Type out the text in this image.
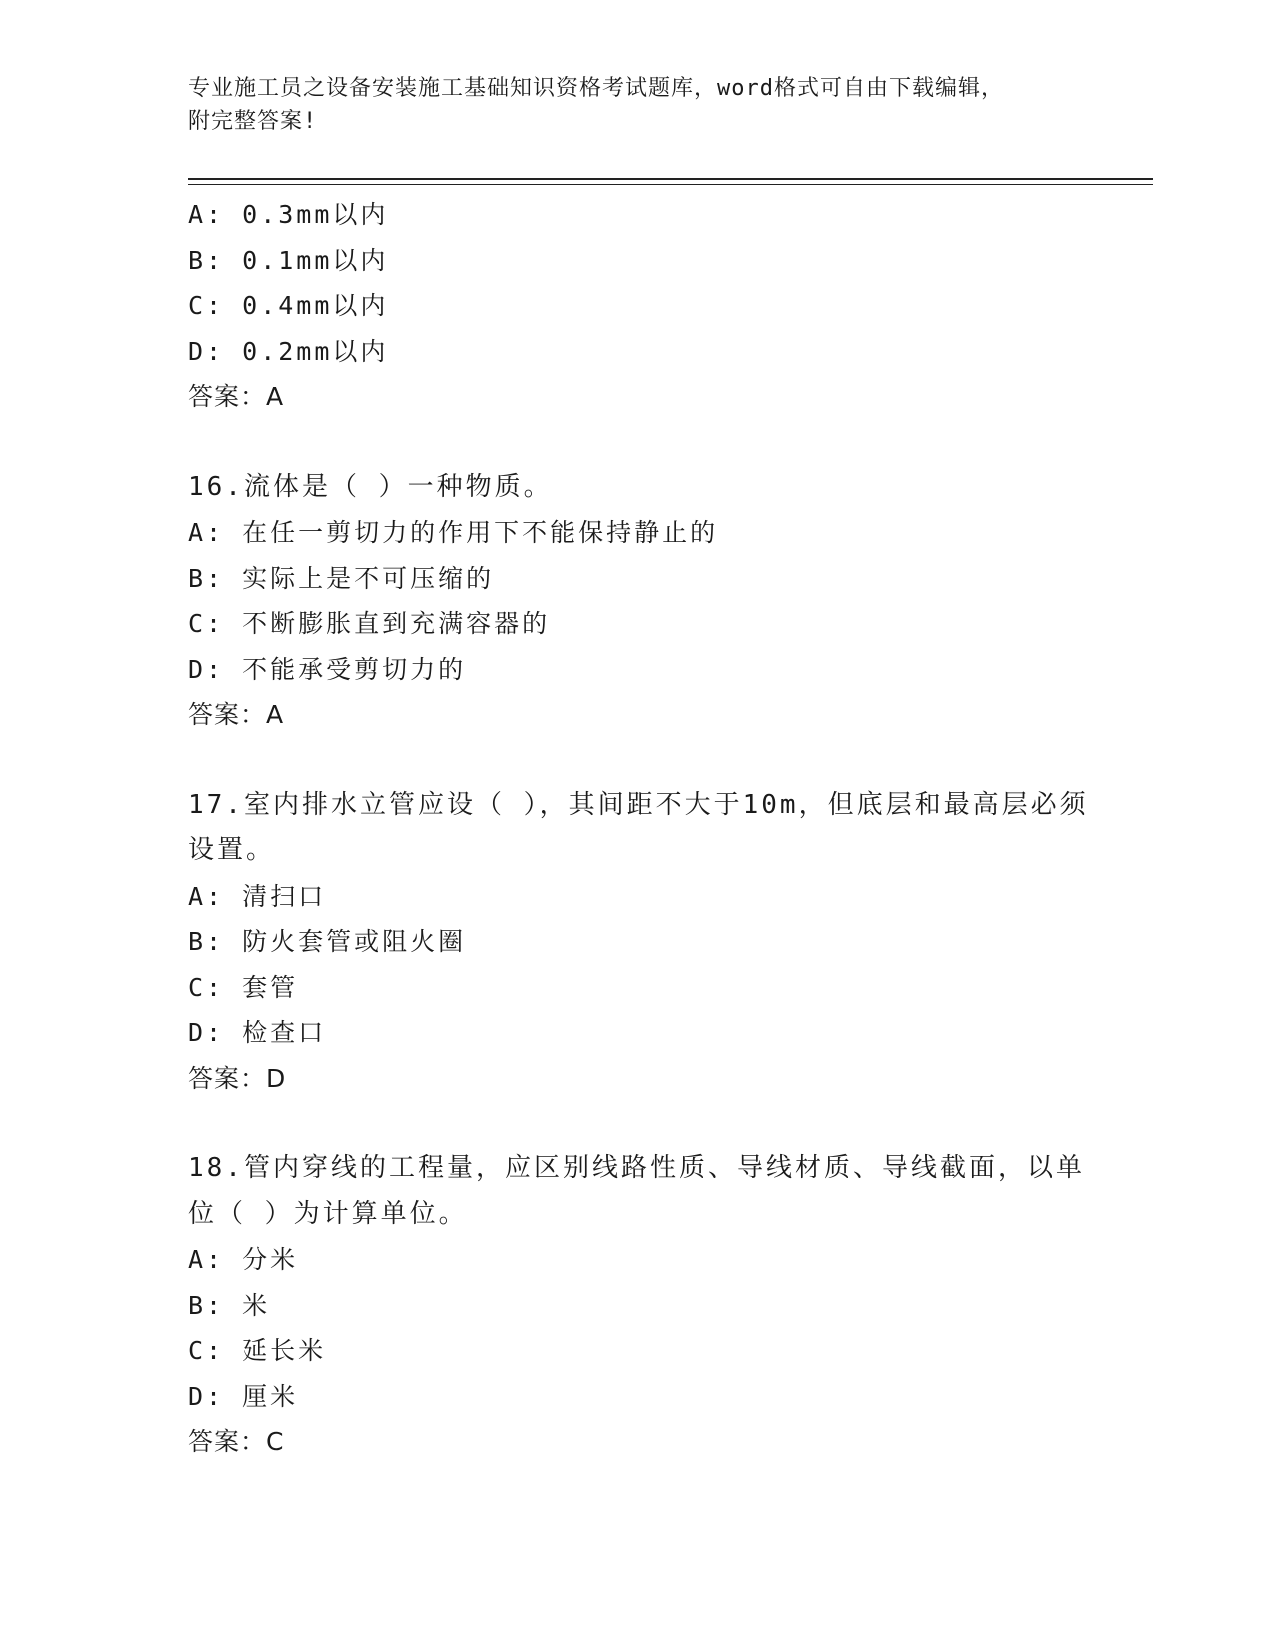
专业施工员之设备安装施工基础知识资格考试题库，word格式可自由下载编辑，
附完整答案!
A: 0.3mm以内
B: 0.1mm以内
C: 0.4mm以内
D: 0.2mm以内
答案：A
16.流体是（ ）一种物质。
A: 在任一剪切力的作用下不能保持静止的
B: 实际上是不可压缩的
C: 不断膨胀直到充满容器的
D: 不能承受剪切力的
答案：A
17.室内排水立管应设（ ），其间距不大于10m，但底层和最高层必须设置。
A: 清扫口
B: 防火套管或阻火圈
C: 套管
D: 检查口
答案：D
18.管内穿线的工程量，应区别线路性质、导线材质、导线截面，以单位（ ）为计算单位。
A: 分米
B: 米
C: 延长米
D: 厘米
答案：C
